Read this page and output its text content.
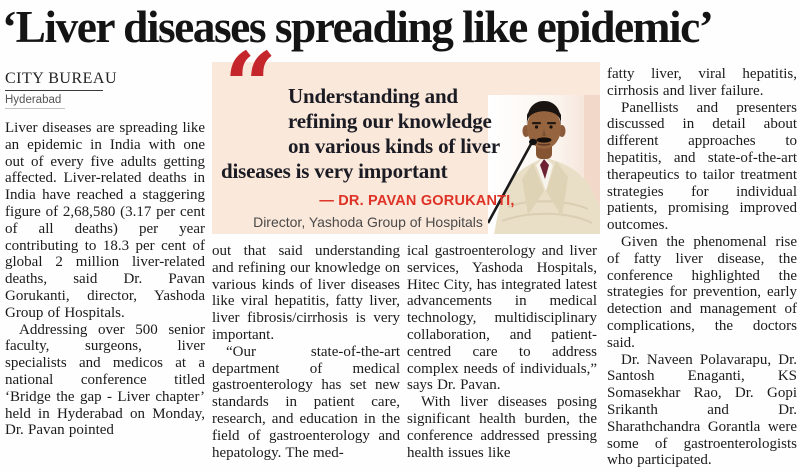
‘Liver diseases spreading like epidemic’
CITY BUREAU
Hyderabad

Liver diseases are spreading like an epidemic in India with one out of every five adults getting affected. Liver-related deaths in India have reached a staggering figure of 2,68,580 (3.17 per cent of all deaths) per year contributing to 18.3 per cent of global 2 million liver-related deaths, said Dr. Pavan Gorukanti, director, Yashoda Group of Hospitals.

Addressing over 500 senior faculty, surgeons, liver specialists and medicos at a national conference titled ‘Bridge the gap - Liver chapter’ held in Hyderabad on Monday, Dr. Pavan pointed

“ Understanding and
refining our knowledge
on various kinds of liver
diseases is very important
— DR. PAVAN GORUKANTI,
Director, Yashoda Group of Hospitals

out that said understanding and refining our knowledge on various kinds of liver diseases like viral hepatitis, fatty liver, liver fibrosis/cirrhosis is very important.

“Our state-of-the-art department of medical gastroenterology has set new standards in patient care, research, and education in the field of gastroenterology and hepatology. The med-

ical gastroenterology and liver services, Yashoda Hospitals, Hitec City, has integrated latest advancements in medical technology, multidisciplinary collaboration, and patient-centred care to address complex needs of individuals,” says Dr. Pavan.

With liver diseases posing significant health burden, the conference addressed pressing health issues like

fatty liver, viral hepatitis, cirrhosis and liver failure.

Panellists and presenters discussed in detail about different approaches to hepatitis, and state-of-the-art therapeutics to tailor treatment strategies for individual patients, promising improved outcomes.

Given the phenomenal rise of fatty liver disease, the conference highlighted the strategies for prevention, early detection and management of complications, the doctors said.

Dr. Naveen Polavarapu, Dr. Santosh Enaganti, KS Somasekhar Rao, Dr. Gopi Srikanth and Dr. Sharathchandra Gorantla were some of gastroenterologists who participated.
